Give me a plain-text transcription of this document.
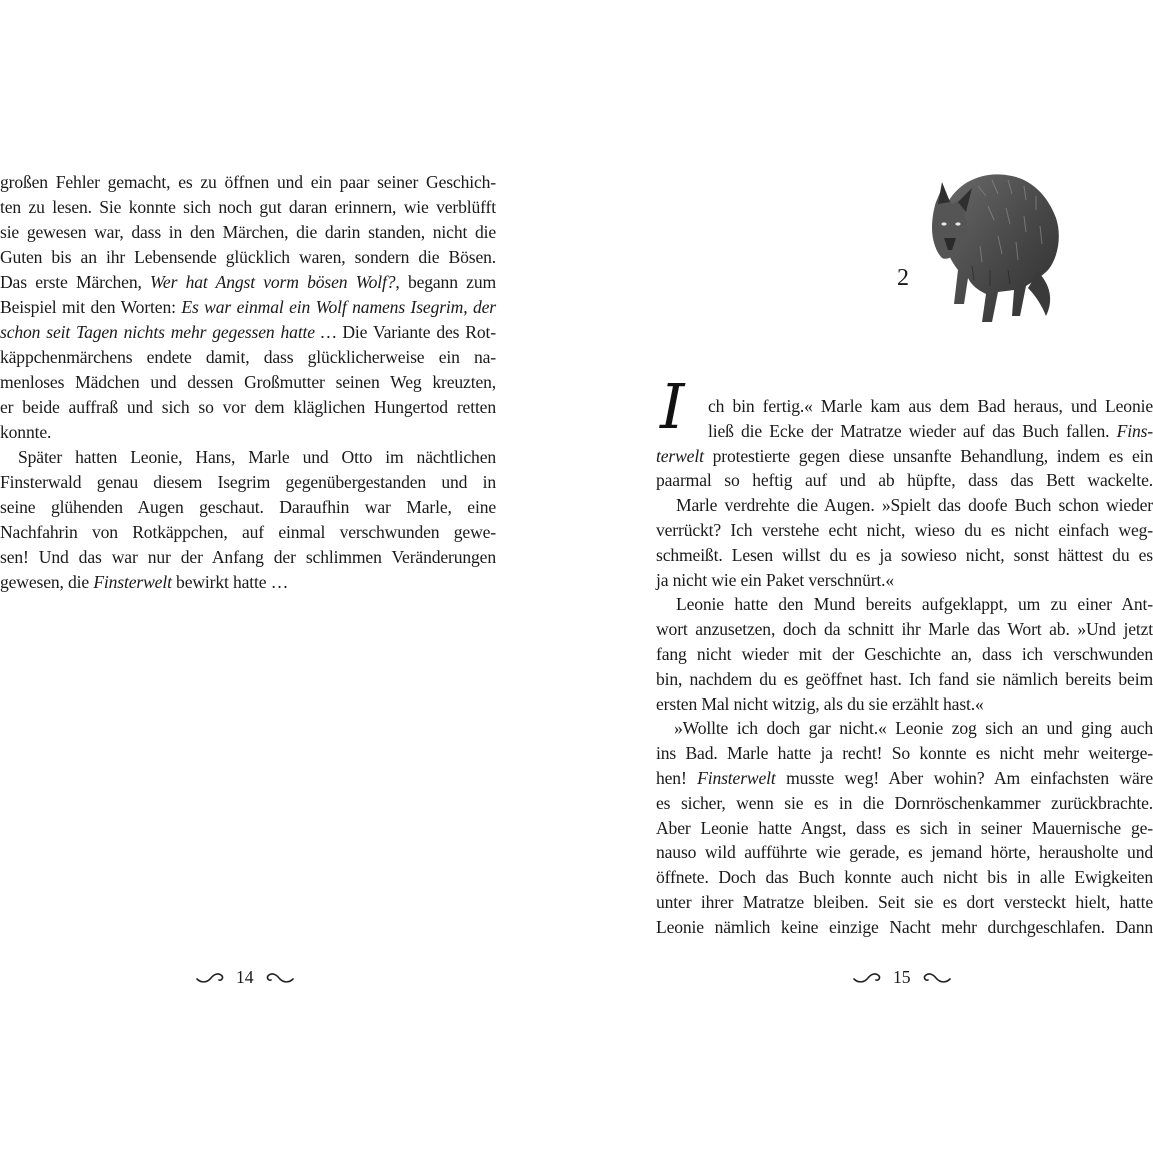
großen Fehler gemacht, es zu öffnen und ein paar seiner Geschich-
ten zu lesen. Sie konnte sich noch gut daran erinnern, wie verblüfft
sie gewesen war, dass in den Märchen, die darin standen, nicht die
Guten bis an ihr Lebensende glücklich waren, sondern die Bösen.
Das erste Märchen, Wer hat Angst vorm bösen Wolf?, begann zum
Beispiel mit den Worten: Es war einmal ein Wolf namens Isegrim, der
schon seit Tagen nichts mehr gegessen hatte … Die Variante des Rot-
käppchenmärchens endete damit, dass glücklicherweise ein na-
menloses Mädchen und dessen Großmutter seinen Weg kreuzten,
er beide auffraß und sich so vor dem kläglichen Hungertod retten
konnte.
Später hatten Leonie, Hans, Marle und Otto im nächtlichen
Finsterwald genau diesem Isegrim gegenübergestanden und in
seine glühenden Augen geschaut. Daraufhin war Marle, eine
Nachfahrin von Rotkäppchen, auf einmal verschwunden gewe-
sen! Und das war nur der Anfang der schlimmen Veränderungen
gewesen, die Finsterwelt bewirkt hatte …
ch bin fertig.« Marle kam aus dem Bad heraus, und Leonie
ließ die Ecke der Matratze wieder auf das Buch fallen. Fins-
terwelt protestierte gegen diese unsanfte Behandlung, indem es ein
paarmal so heftig auf und ab hüpfte, dass das Bett wackelte.
Marle verdrehte die Augen. »Spielt das doofe Buch schon wieder
verrückt? Ich verstehe echt nicht, wieso du es nicht einfach weg-
schmeißt. Lesen willst du es ja sowieso nicht, sonst hättest du es
ja nicht wie ein Paket verschnürt.«
Leonie hatte den Mund bereits aufgeklappt, um zu einer Ant-
wort anzusetzen, doch da schnitt ihr Marle das Wort ab. »Und jetzt
fang nicht wieder mit der Geschichte an, dass ich verschwunden
bin, nachdem du es geöffnet hast. Ich fand sie nämlich bereits beim
ersten Mal nicht witzig, als du sie erzählt hast.«
»Wollte ich doch gar nicht.« Leonie zog sich an und ging auch
ins Bad. Marle hatte ja recht! So konnte es nicht mehr weiterge-
hen! Finsterwelt musste weg! Aber wohin? Am einfachsten wäre
es sicher, wenn sie es in die Dornröschenkammer zurückbrachte.
Aber Leonie hatte Angst, dass es sich in seiner Mauernische ge-
nauso wild aufführte wie gerade, es jemand hörte, herausholte und
öffnete. Doch das Buch konnte auch nicht bis in alle Ewigkeiten
unter ihrer Matratze bleiben. Seit sie es dort versteckt hielt, hatte
Leonie nämlich keine einzige Nacht mehr durchgeschlafen. Dann
2
I
14	15
